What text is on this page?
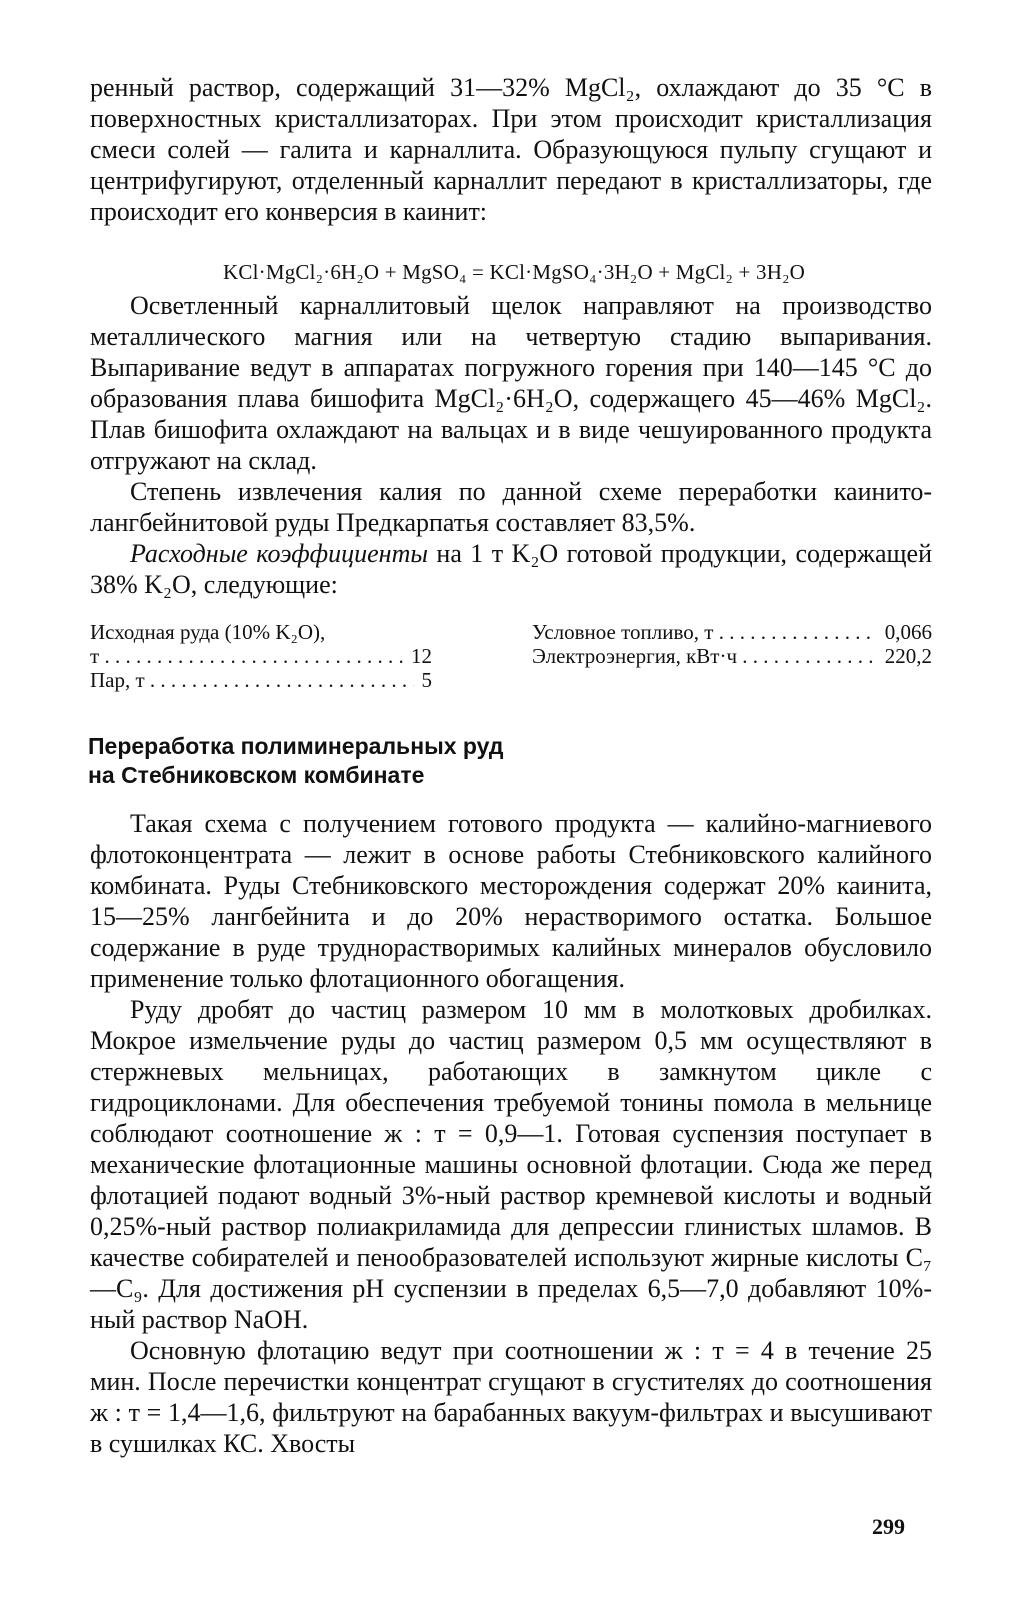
ренный раствор, содержащий 31—32% MgCl₂, охлаждают до 35 °C в поверхностных кристаллизаторах. При этом происходит кристаллизация смеси солей — галита и карналлита. Образующуюся пульпу сгущают и центрифугируют, отделенный карналлит передают в кристаллизаторы, где происходит его конверсия в каинит:

KCl·MgCl₂·6H₂O + MgSO₄ = KCl·MgSO₄·3H₂O + MgCl₂ + 3H₂O

Осветленный карналлитовый щелок направляют на производство металлического магния или на четвертую стадию выпаривания. Выпаривание ведут в аппаратах погружного горения при 140—145 °C до образования плава бишофита MgCl₂·6H₂O, содержащего 45—46% MgCl₂. Плав бишофита охлаждают на вальцах и в виде чешуированного продукта отгружают на склад.

Степень извлечения калия по данной схеме переработки каинито-лангбейнитовой руды Предкарпатья составляет 83,5%.

Расходные коэффициенты на 1 т K₂O готовой продукции, содержащей 38% K₂O, следующие:

Исходная руда (10% K₂O),
т . . .	12
Пар, т . . .	5
Условное топливо, т . . .	0,066
Электроэнергия, кВт·ч . . .	220,2
Переработка полиминеральных руд
на Стебниковском комбинате

Такая схема с получением готового продукта — калийно-магниевого флотоконцентрата — лежит в основе работы Стебниковского калийного комбината. Руды Стебниковского месторождения содержат 20% каинита, 15—25% лангбейнита и до 20% нерастворимого остатка. Большое содержание в руде труднорастворимых калийных минералов обусловило применение только флотационного обогащения.

Руду дробят до частиц размером 10 мм в молотковых дробилках. Мокрое измельчение руды до частиц размером 0,5 мм осуществляют в стержневых мельницах, работающих в замкнутом цикле с гидроциклонами. Для обеспечения требуемой тонины помола в мельнице соблюдают соотношение ж : т = 0,9—1. Готовая суспензия поступает в механические флотационные машины основной флотации. Сюда же перед флотацией подают водный 3%-ный раствор кремневой кислоты и водный 0,25%-ный раствор полиакриламида для депрессии глинистых шламов. В качестве собирателей и пенообразователей используют жирные кислоты C₇—C₉. Для достижения pH суспензии в пределах 6,5—7,0 добавляют 10%-ный раствор NaOH.

Основную флотацию ведут при соотношении ж : т = 4 в течение 25 мин. После перечистки концентрат сгущают в сгустителях до соотношения ж : т = 1,4—1,6, фильтруют на барабанных вакуум-фильтрах и высушивают в сушилках КС. Хвосты

299
